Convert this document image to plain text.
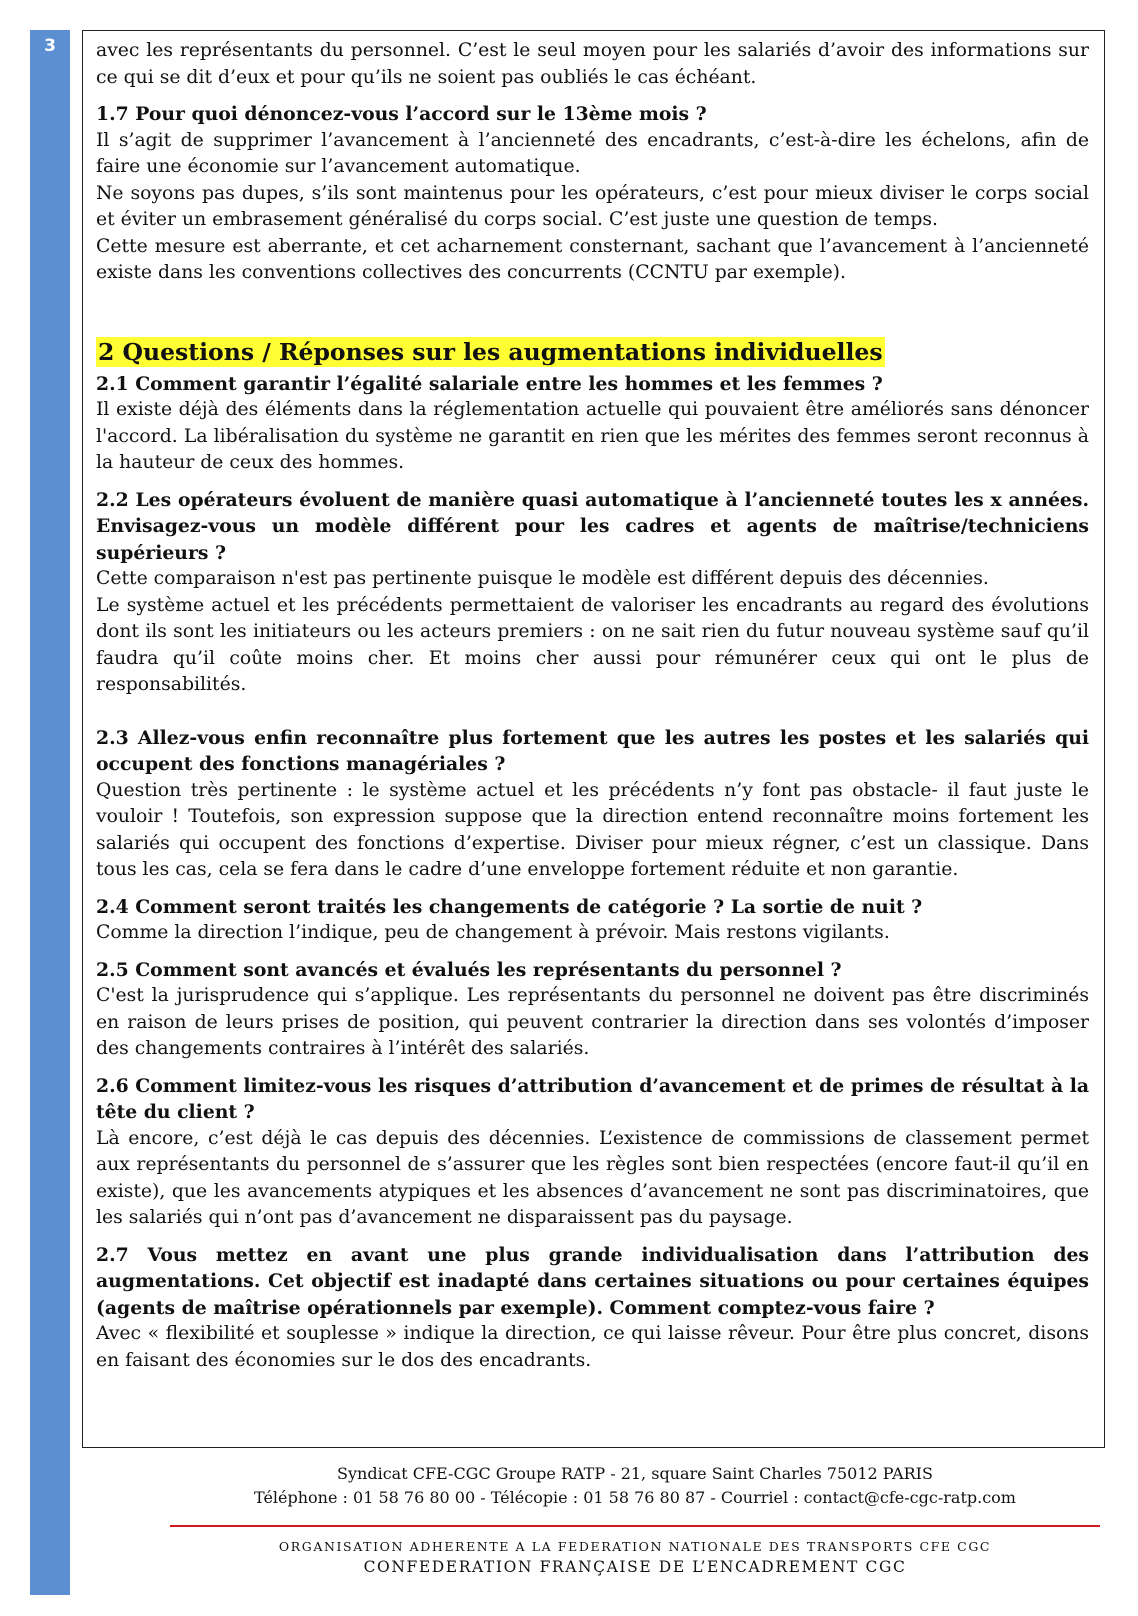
3	avec les représentants du personnel. C’est le seul moyen pour les salariés d’avoir des informations sur ce qui se dit d’eux et pour qu’ils ne soient pas oubliés le cas échéant.

1.7 Pour quoi dénoncez-vous l’accord sur le 13ème mois ?

Il s’agit de supprimer l’avancement à l’ancienneté des encadrants, c’est-à-dire les échelons, afin de faire une économie sur l’avancement automatique.

Ne soyons pas dupes, s’ils sont maintenus pour les opérateurs, c’est pour mieux diviser le corps social et éviter un embrasement généralisé du corps social. C’est juste une question de temps.

Cette mesure est aberrante, et cet acharnement consternant, sachant que l’avancement à l’ancienneté existe dans les conventions collectives des concurrents (CCNTU par exemple).

2 Questions / Réponses sur les augmentations individuelles
2.1 Comment garantir l’égalité salariale entre les hommes et les femmes ?

Il existe déjà des éléments dans la réglementation actuelle qui pouvaient être améliorés sans dénoncer l'accord. La libéralisation du système ne garantit en rien que les mérites des femmes seront reconnus à la hauteur de ceux des hommes.

2.2 Les opérateurs évoluent de manière quasi automatique à l’ancienneté toutes les x années. Envisagez-vous un modèle différent pour les cadres et agents de maîtrise/techniciens supérieurs ?

Cette comparaison n'est pas pertinente puisque le modèle est différent depuis des décennies.

Le système actuel et les précédents permettaient de valoriser les encadrants au regard des évolutions dont ils sont les initiateurs ou les acteurs premiers : on ne sait rien du futur nouveau système sauf qu’il faudra qu’il coûte moins cher. Et moins cher aussi pour rémunérer ceux qui ont le plus de responsabilités.

2.3 Allez-vous enfin reconnaître plus fortement que les autres les postes et les salariés qui occupent des fonctions managériales ?

Question très pertinente : le système actuel et les précédents n’y font pas obstacle- il faut juste le vouloir ! Toutefois, son expression suppose que la direction entend reconnaître moins fortement les salariés qui occupent des fonctions d’expertise. Diviser pour mieux régner, c’est un classique. Dans tous les cas, cela se fera dans le cadre d’une enveloppe fortement réduite et non garantie.

2.4 Comment seront traités les changements de catégorie ? La sortie de nuit ?

Comme la direction l’indique, peu de changement à prévoir. Mais restons vigilants.

2.5 Comment sont avancés et évalués les représentants du personnel ?

C'est la jurisprudence qui s’applique. Les représentants du personnel ne doivent pas être discriminés en raison de leurs prises de position, qui peuvent contrarier la direction dans ses volontés d’imposer des changements contraires à l’intérêt des salariés.

2.6 Comment limitez-vous les risques d’attribution d’avancement et de primes de résultat à la tête du client ?

Là encore, c’est déjà le cas depuis des décennies. L’existence de commissions de classement permet aux représentants du personnel de s’assurer que les règles sont bien respectées (encore faut-il qu’il en existe), que les avancements atypiques et les absences d’avancement ne sont pas discriminatoires, que les salariés qui n’ont pas d’avancement ne disparaissent pas du paysage.

2.7 Vous mettez en avant une plus grande individualisation dans l’attribution des augmentations. Cet objectif est inadapté dans certaines situations ou pour certaines équipes (agents de maîtrise opérationnels par exemple). Comment comptez-vous faire ?

Avec « flexibilité et souplesse » indique la direction, ce qui laisse rêveur. Pour être plus concret, disons en faisant des économies sur le dos des encadrants.

Syndicat CFE-CGC Groupe RATP - 21, square Saint Charles 75012 PARIS
Téléphone : 01 58 76 80 00 - Télécopie : 01 58 76 80 87 - Courriel : contact@cfe-cgc-ratp.com
ORGANISATION ADHERENTE A LA FEDERATION NATIONALE DES TRANSPORTS CFE CGC
CONFEDERATION FRANÇAISE DE L’ENCADREMENT CGC
